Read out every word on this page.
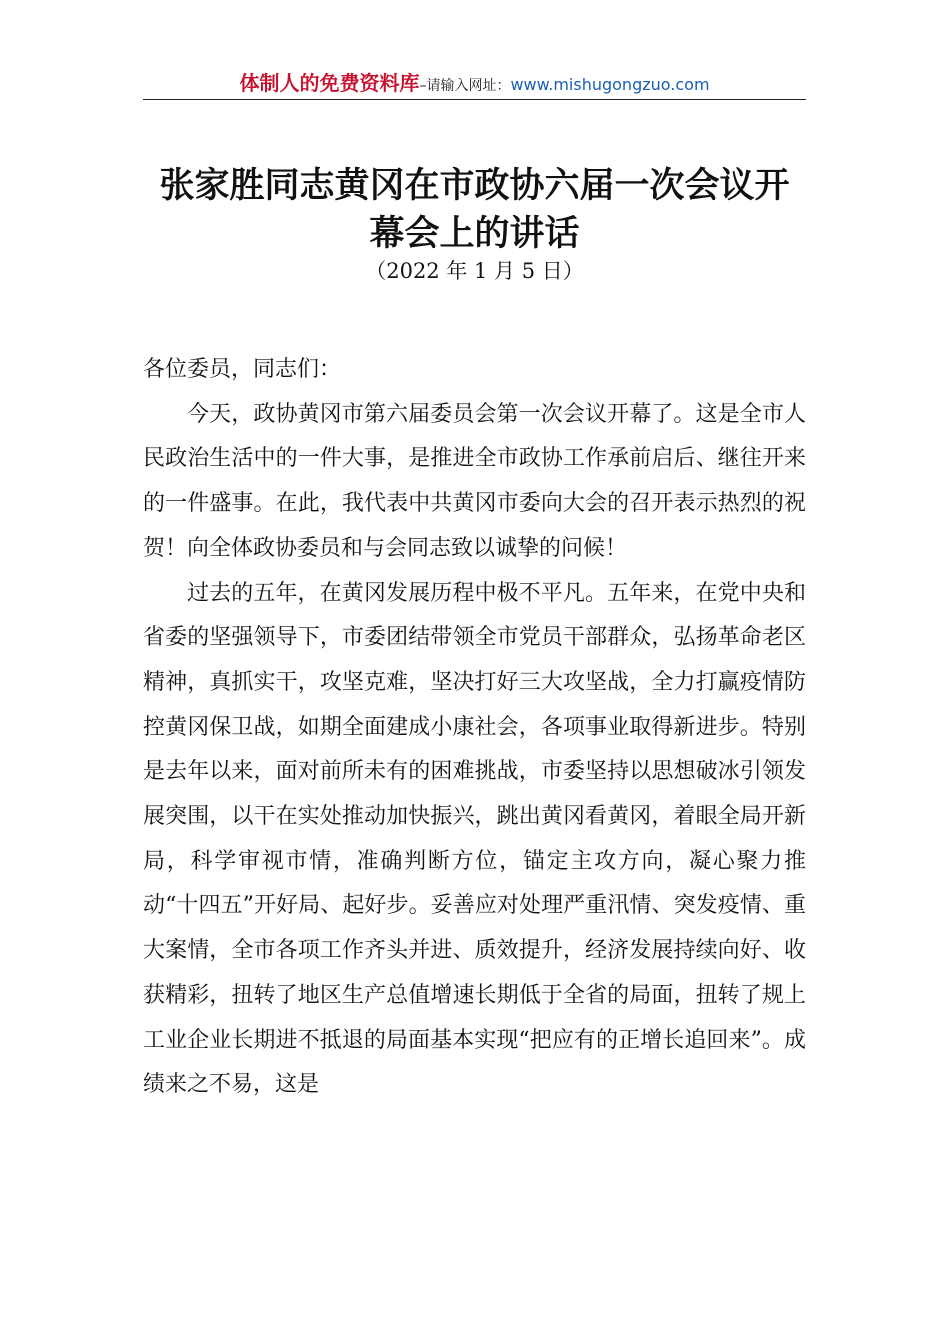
体制人的免费资料库–请输入网址：www.mishugongzuo.com
张家胜同志黄冈在市政协六届一次会议开
幕会上的讲话
（2022 年 1 月 5 日）

各位委员，同志们：

今天，政协黄冈市第六届委员会第一次会议开幕了。这是全市人民政治生活中的一件大事，是推进全市政协工作承前启后、继往开来的一件盛事。在此，我代表中共黄冈市委向大会的召开表示热烈的祝贺！向全体政协委员和与会同志致以诚挚的问候！

过去的五年，在黄冈发展历程中极不平凡。五年来，在党中央和省委的坚强领导下，市委团结带领全市党员干部群众，弘扬革命老区精神，真抓实干，攻坚克难，坚决打好三大攻坚战，全力打赢疫情防控黄冈保卫战，如期全面建成小康社会，各项事业取得新进步。特别是去年以来，面对前所未有的困难挑战，市委坚持以思想破冰引领发展突围，以干在实处推动加快振兴，跳出黄冈看黄冈，着眼全局开新局，科学审视市情，准确判断方位，锚定主攻方向，凝心聚力推动“十四五”开好局、起好步。妥善应对处理严重汛情、突发疫情、重大案情，全市各项工作齐头并进、质效提升，经济发展持续向好、收获精彩，扭转了地区生产总值增速长期低于全省的局面，扭转了规上工业企业长期进不抵退的局面基本实现“把应有的正增长追回来”。成绩来之不易，这是
